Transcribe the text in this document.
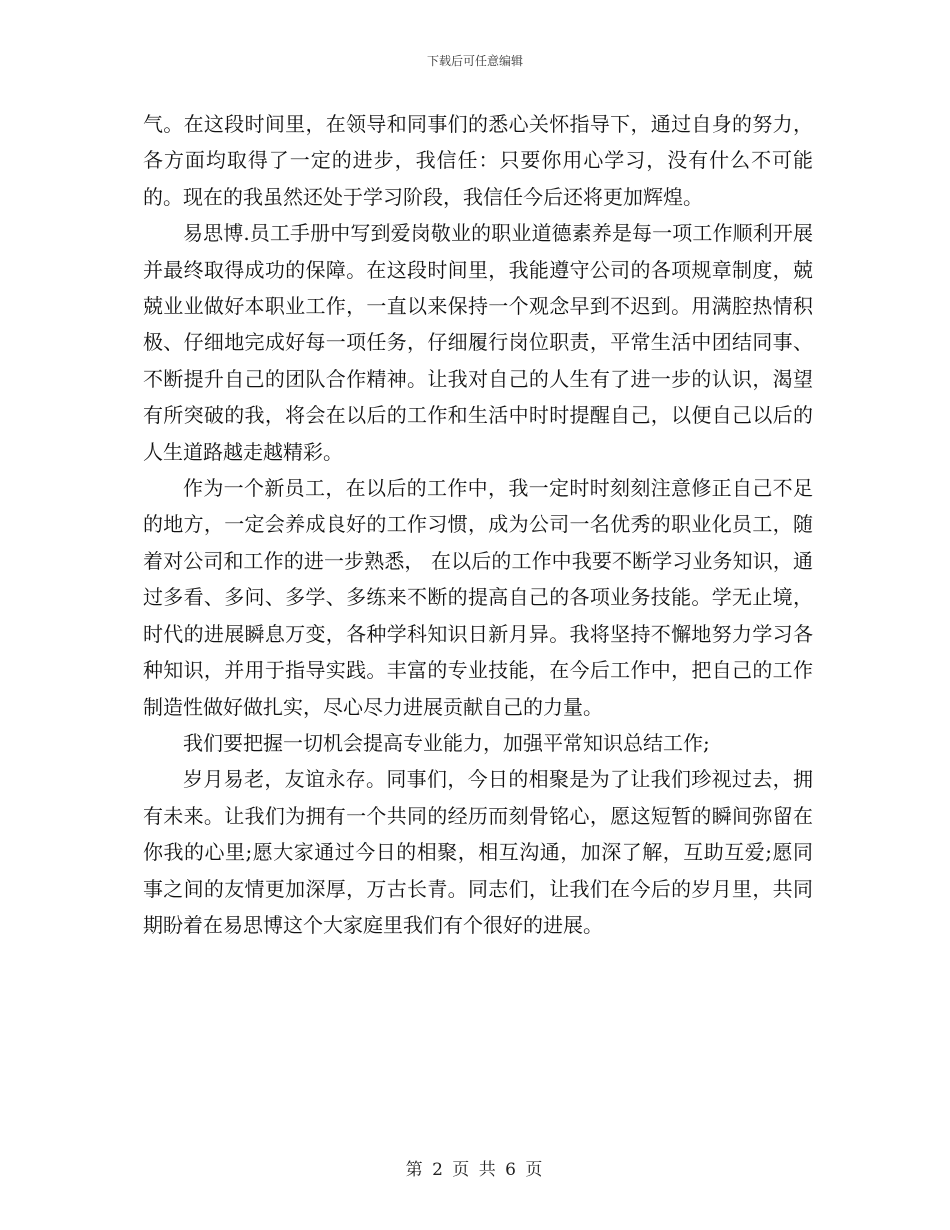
下载后可任意编辑

气。在这段时间里，在领导和同事们的悉心关怀指导下，通过自身的努力，各方面均取得了一定的进步，我信任：只要你用心学习，没有什么不可能的。现在的我虽然还处于学习阶段，我信任今后还将更加辉煌。

易思博.员工手册中写到爱岗敬业的职业道德素养是每一项工作顺利开展并最终取得成功的保障。在这段时间里，我能遵守公司的各项规章制度，兢兢业业做好本职业工作，一直以来保持一个观念早到不迟到。用满腔热情积极、仔细地完成好每一项任务，仔细履行岗位职责，平常生活中团结同事、不断提升自己的团队合作精神。让我对自己的人生有了进一步的认识，渴望有所突破的我，将会在以后的工作和生活中时时提醒自己，以便自己以后的人生道路越走越精彩。

作为一个新员工，在以后的工作中，我一定时时刻刻注意修正自己不足的地方，一定会养成良好的工作习惯，成为公司一名优秀的职业化员工，随着对公司和工作的进一步熟悉， 在以后的工作中我要不断学习业务知识，通过多看、多问、多学、多练来不断的提高自己的各项业务技能。学无止境，时代的进展瞬息万变，各种学科知识日新月异。我将坚持不懈地努力学习各种知识，并用于指导实践。丰富的专业技能，在今后工作中，把自己的工作制造性做好做扎实，尽心尽力进展贡献自己的力量。

我们要把握一切机会提高专业能力，加强平常知识总结工作;

岁月易老，友谊永存。同事们，今日的相聚是为了让我们珍视过去，拥有未来。让我们为拥有一个共同的经历而刻骨铭心，愿这短暂的瞬间弥留在你我的心里;愿大家通过今日的相聚，相互沟通，加深了解，互助互爱;愿同事之间的友情更加深厚，万古长青。同志们，让我们在今后的岁月里，共同期盼着在易思博这个大家庭里我们有个很好的进展。

第 2 页 共 6 页
